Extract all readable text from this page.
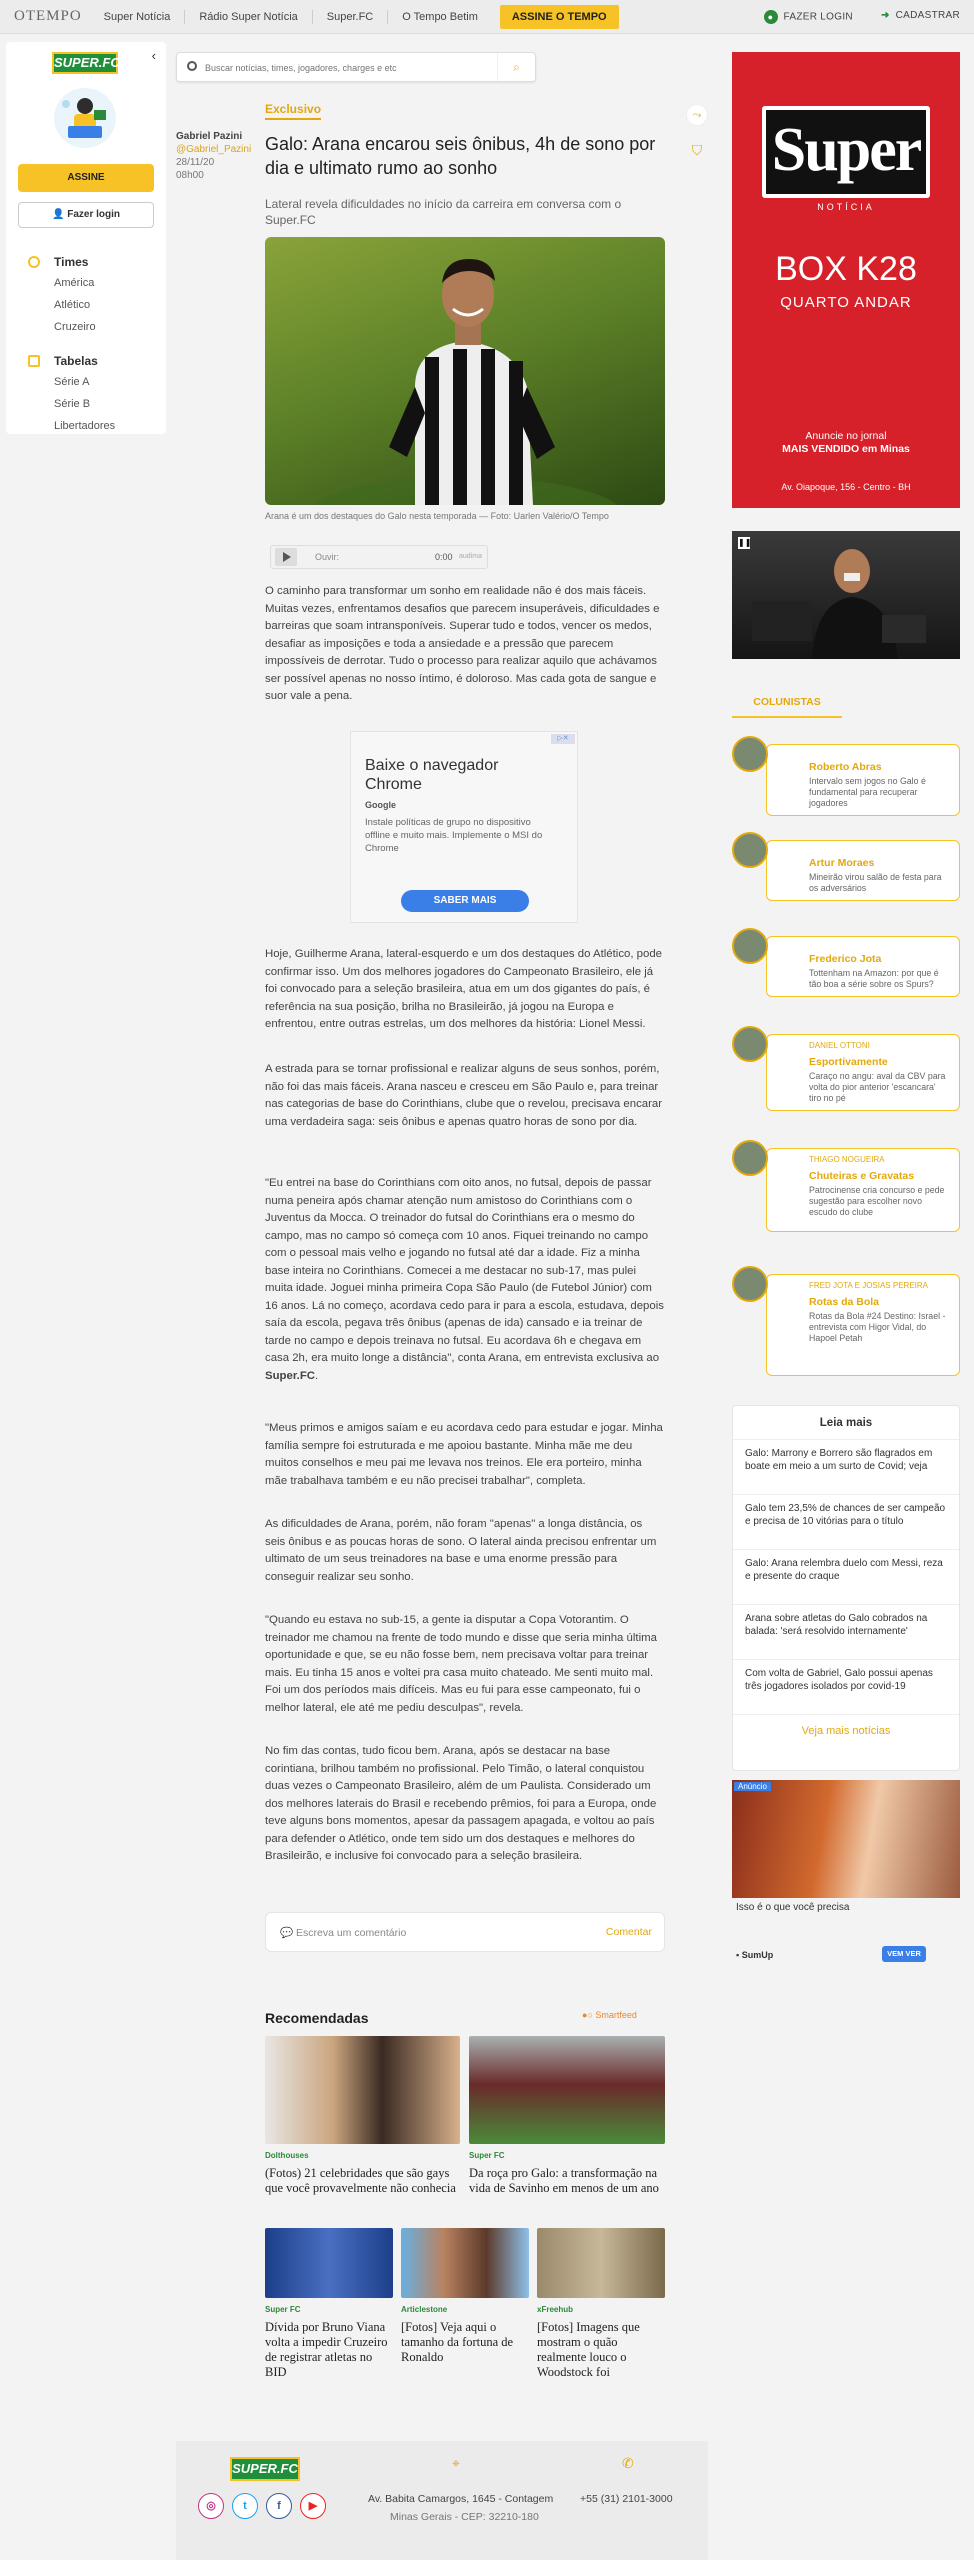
OTEMPO	Super Notícia	Rádio Super Notícia	Super.FC	O Tempo Betim	ASSINE O TEMPO	● FAZER LOGIN	➜ CADASTRAR
SUPER.FC ‹
ASSINE
👤 Fazer login
Times
América
Atlético
Cruzeiro
Tabelas
Série A
Série B
Libertadores
Buscar notícias, times, jogadores, charges e etc
⌕
Gabriel Pazini
@Gabriel_Pazini
28/11/20
08h00
⤳
⛉
Exclusivo
Galo: Arana encarou seis ônibus, 4h de sono por dia e ultimato rumo ao sonho
Lateral revela dificuldades no início da carreira em conversa com o Super.FC
Arana é um dos destaques do Galo nesta temporada — Foto: Uarlen Valério/O Tempo
Ouvir:	0:00 audima

O caminho para transformar um sonho em realidade não é dos mais fáceis. Muitas vezes, enfrentamos desafios que parecem insuperáveis, dificuldades e barreiras que soam intransponíveis. Superar tudo e todos, vencer os medos, desafiar as imposições e toda a ansiedade e a pressão que parecem impossíveis de derrotar. Tudo o processo para realizar aquilo que achávamos ser possível apenas no nosso íntimo, é doloroso. Mas cada gota de sangue e suor vale a pena.

▷✕
Baixe o navegador Chrome
Google
Instale políticas de grupo no dispositivo offline e muito mais. Implemente o MSI do Chrome
SABER MAIS

Hoje, Guilherme Arana, lateral-esquerdo e um dos destaques do Atlético, pode confirmar isso. Um dos melhores jogadores do Campeonato Brasileiro, ele já foi convocado para a seleção brasileira, atua em um dos gigantes do país, é referência na sua posição, brilha no Brasileirão, já jogou na Europa e enfrentou, entre outras estrelas, um dos melhores da história: Lionel Messi.

A estrada para se tornar profissional e realizar alguns de seus sonhos, porém, não foi das mais fáceis. Arana nasceu e cresceu em São Paulo e, para treinar nas categorias de base do Corinthians, clube que o revelou, precisava encarar uma verdadeira saga: seis ônibus e apenas quatro horas de sono por dia.

"Eu entrei na base do Corinthians com oito anos, no futsal, depois de passar numa peneira após chamar atenção num amistoso do Corinthians com o Juventus da Mocca. O treinador do futsal do Corinthians era o mesmo do campo, mas no campo só começa com 10 anos. Fiquei treinando no campo com o pessoal mais velho e jogando no futsal até dar a idade. Fiz a minha base inteira no Corinthians. Comecei a me destacar no sub-17, mas pulei muita idade. Joguei minha primeira Copa São Paulo (de Futebol Júnior) com 16 anos. Lá no começo, acordava cedo para ir para a escola, estudava, depois saía da escola, pegava três ônibus (apenas de ida) cansado e ia treinar de tarde no campo e depois treinava no futsal. Eu acordava 6h e chegava em casa 2h, era muito longe a distância", conta Arana, em entrevista exclusiva ao Super.FC.

"Meus primos e amigos saíam e eu acordava cedo para estudar e jogar. Minha família sempre foi estruturada e me apoiou bastante. Minha mãe me deu muitos conselhos e meu pai me levava nos treinos. Ele era porteiro, minha mãe trabalhava também e eu não precisei trabalhar", completa.

As dificuldades de Arana, porém, não foram "apenas" a longa distância, os seis ônibus e as poucas horas de sono. O lateral ainda precisou enfrentar um ultimato de um seus treinadores na base e uma enorme pressão para conseguir realizar seu sonho.

"Quando eu estava no sub-15, a gente ia disputar a Copa Votorantim. O treinador me chamou na frente de todo mundo e disse que seria minha última oportunidade e que, se eu não fosse bem, nem precisava voltar para treinar mais. Eu tinha 15 anos e voltei pra casa muito chateado. Me senti muito mal. Foi um dos períodos mais difíceis. Mas eu fui para esse campeonato, fui o melhor lateral, ele até me pediu desculpas", revela.

No fim das contas, tudo ficou bem. Arana, após se destacar na base corintiana, brilhou também no profissional. Pelo Timão, o lateral conquistou duas vezes o Campeonato Brasileiro, além de um Paulista. Considerado um dos melhores laterais do Brasil e recebendo prêmios, foi para a Europa, onde teve alguns bons momentos, apesar da passagem apagada, e voltou ao país para defender o Atlético, onde tem sido um dos destaques e melhores do Brasileirão, e inclusive foi convocado para a seleção brasileira.

💬 Escreva um comentário	Comentar
Recomendadas	●○ Smartfeed
Dolthouses
(Fotos) 21 celebridades que são gays que você provavelmente não conhecia
Super FC
Da roça pro Galo: a transformação na vida de Savinho em menos de um ano
Super FC
Dívida por Bruno Viana volta a impedir Cruzeiro de registrar atletas no BID
Articlestone
[Fotos] Veja aqui o tamanho da fortuna de Ronaldo
xFreehub
[Fotos] Imagens que mostram o quão realmente louco o Woodstock foi
Super
NOTÍCIA
BOX K28
QUARTO ANDAR
Anuncie no jornal
MAIS VENDIDO em Minas
Av. Oiapoque, 156 - Centro - BH
❚❚
COLUNISTAS
Roberto Abras
Intervalo sem jogos no Galo é fundamental para recuperar jogadores
Artur Moraes
Mineirão virou salão de festa para os adversários
Frederico Jota
Tottenham na Amazon: por que é tão boa a série sobre os Spurs?
DANIEL OTTONI
Esportivamente
Caraço no angu: aval da CBV para volta do pior anterior 'escancara' tiro no pé
THIAGO NOGUEIRA
Chuteiras e Gravatas
Patrocinense cria concurso e pede sugestão para escolher novo escudo do clube
FRED JOTA E JOSIAS PEREIRA
Rotas da Bola
Rotas da Bola #24 Destino: Israel - entrevista com Higor Vidal, do Hapoel Petah
Leia mais
Galo: Marrony e Borrero são flagrados em boate em meio a um surto de Covid; veja
Galo tem 23,5% de chances de ser campeão e precisa de 10 vitórias para o título
Galo: Arana relembra duelo com Messi, reza e presente do craque
Arana sobre atletas do Galo cobrados na balada: 'será resolvido internamente'
Com volta de Gabriel, Galo possui apenas três jogadores isolados por covid-19
Veja mais notícias
Anúncio
Isso é o que você precisa
▪ SumUp	VEM VER
SUPER.FC
◎	t	f	▶
⌖	✆
Av. Babita Camargos, 1645 - Contagem
Minas Gerais - CEP: 32210-180
+55 (31) 2101-3000
